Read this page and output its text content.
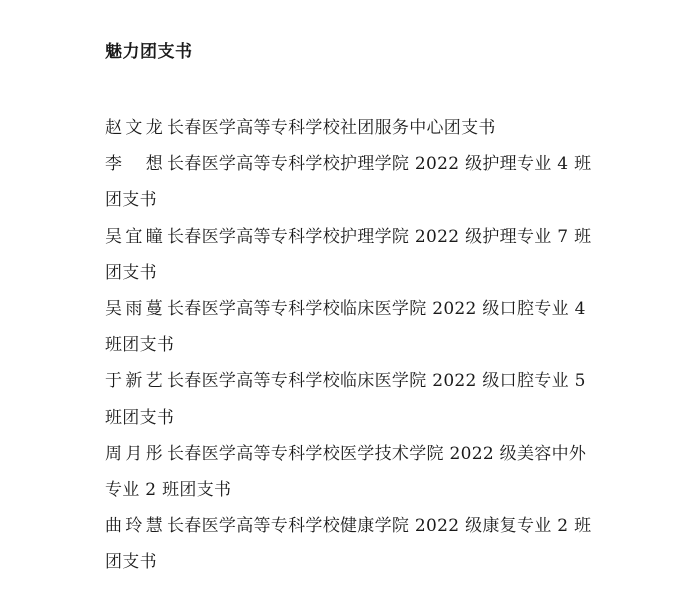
魅力团支书
赵文龙 长春医学高等专科学校社团服务中心团支书
李　想 长春医学高等专科学校护理学院 2022 级护理专业 4 班
团支书
吴宜瞳 长春医学高等专科学校护理学院 2022 级护理专业 7 班
团支书
吴雨蔓 长春医学高等专科学校临床医学院 2022 级口腔专业 4
班团支书
于新艺 长春医学高等专科学校临床医学院 2022 级口腔专业 5
班团支书
周月彤 长春医学高等专科学校医学技术学院 2022 级美容中外
专业 2 班团支书
曲玲慧 长春医学高等专科学校健康学院 2022 级康复专业 2 班
团支书
